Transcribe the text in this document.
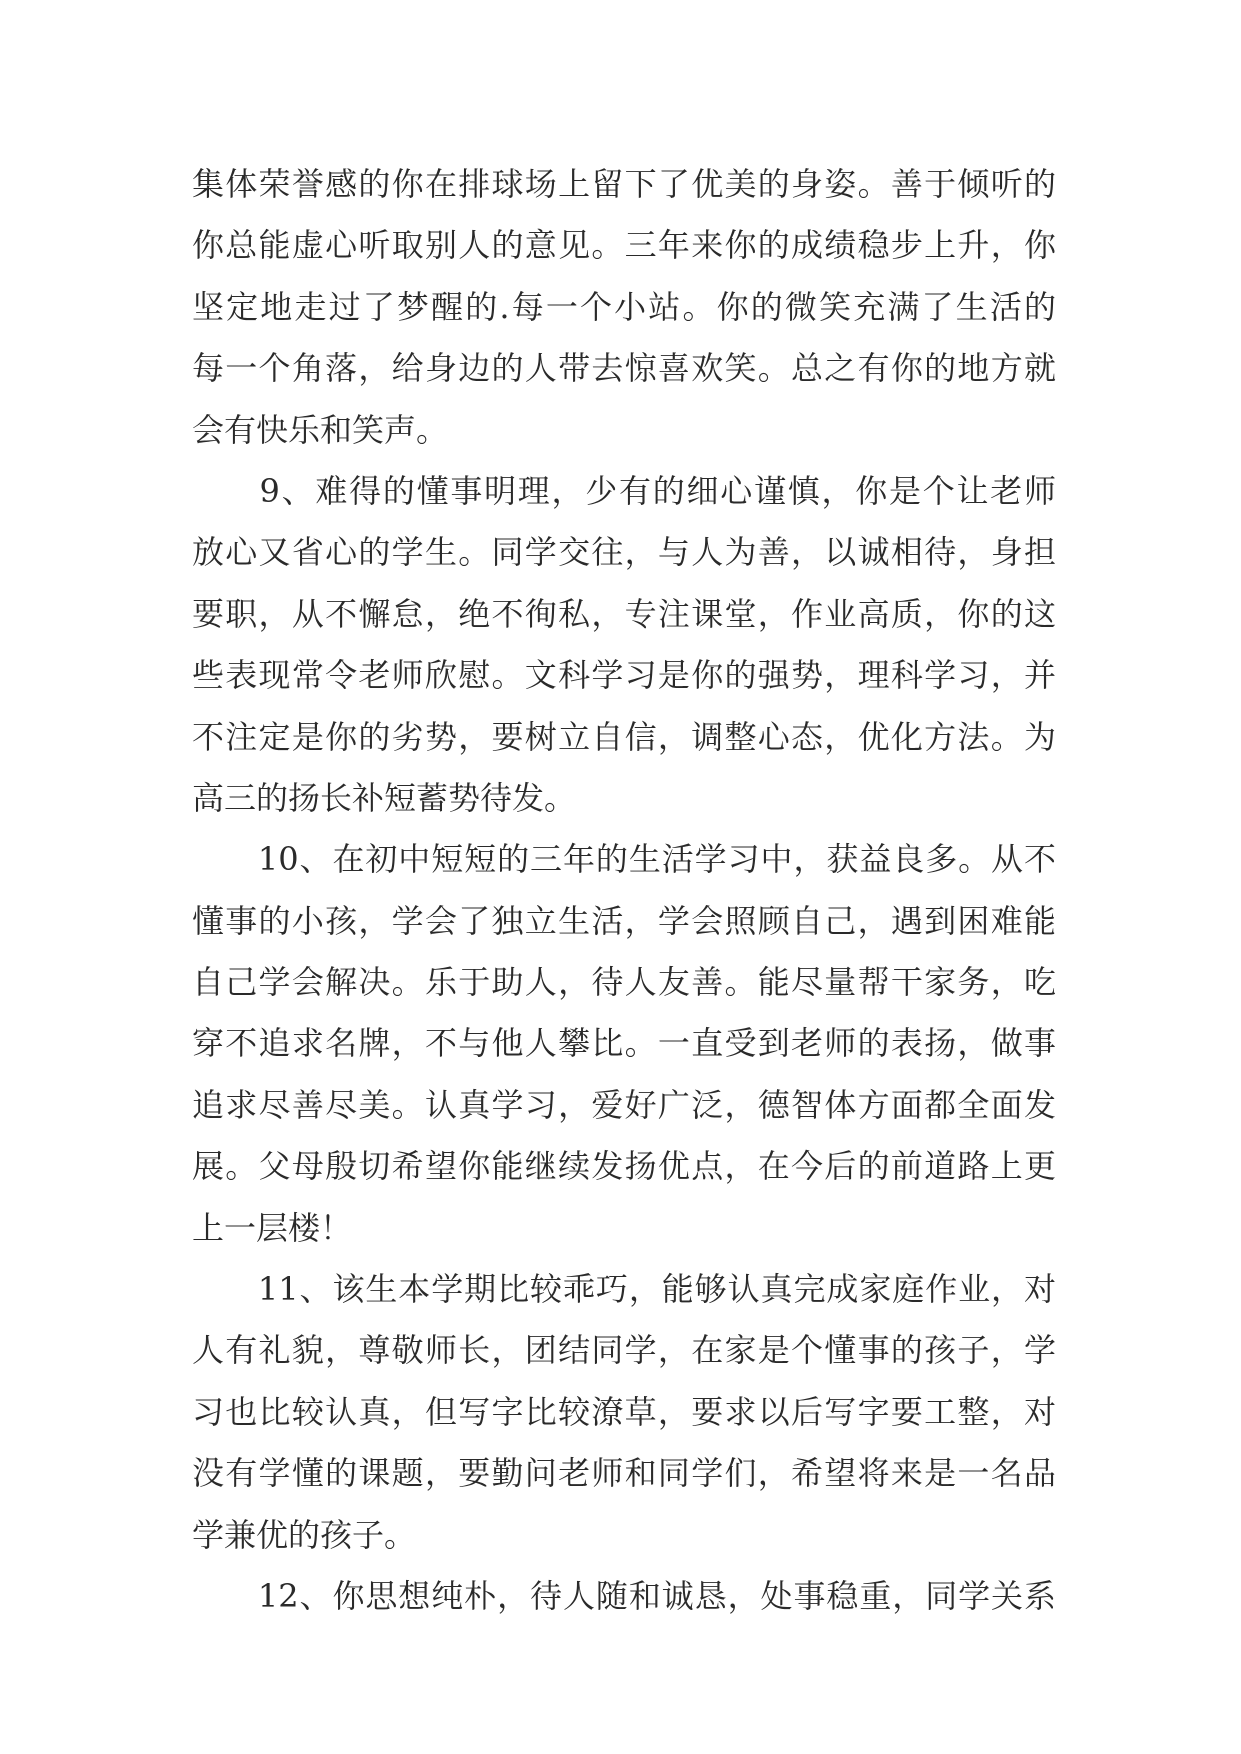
集体荣誉感的你在排球场上留下了优美的身姿。善于倾听的
你总能虚心听取别人的意见。三年来你的成绩稳步上升，你
坚定地走过了梦醒的.每一个小站。你的微笑充满了生活的
每一个角落，给身边的人带去惊喜欢笑。总之有你的地方就
会有快乐和笑声。
　　9、难得的懂事明理，少有的细心谨慎，你是个让老师
放心又省心的学生。同学交往，与人为善，以诚相待，身担
要职，从不懈怠，绝不徇私，专注课堂，作业高质，你的这
些表现常令老师欣慰。文科学习是你的强势，理科学习，并
不注定是你的劣势，要树立自信，调整心态，优化方法。为
高三的扬长补短蓄势待发。
　　10、在初中短短的三年的生活学习中，获益良多。从不
懂事的小孩，学会了独立生活，学会照顾自己，遇到困难能
自己学会解决。乐于助人，待人友善。能尽量帮干家务，吃
穿不追求名牌，不与他人攀比。一直受到老师的表扬，做事
追求尽善尽美。认真学习，爱好广泛，德智体方面都全面发
展。父母殷切希望你能继续发扬优点，在今后的前道路上更
上一层楼！
　　11、该生本学期比较乖巧，能够认真完成家庭作业，对
人有礼貌，尊敬师长，团结同学，在家是个懂事的孩子，学
习也比较认真，但写字比较潦草，要求以后写字要工整，对
没有学懂的课题，要勤问老师和同学们，希望将来是一名品
学兼优的孩子。
　　12、你思想纯朴，待人随和诚恳，处事稳重，同学关系
